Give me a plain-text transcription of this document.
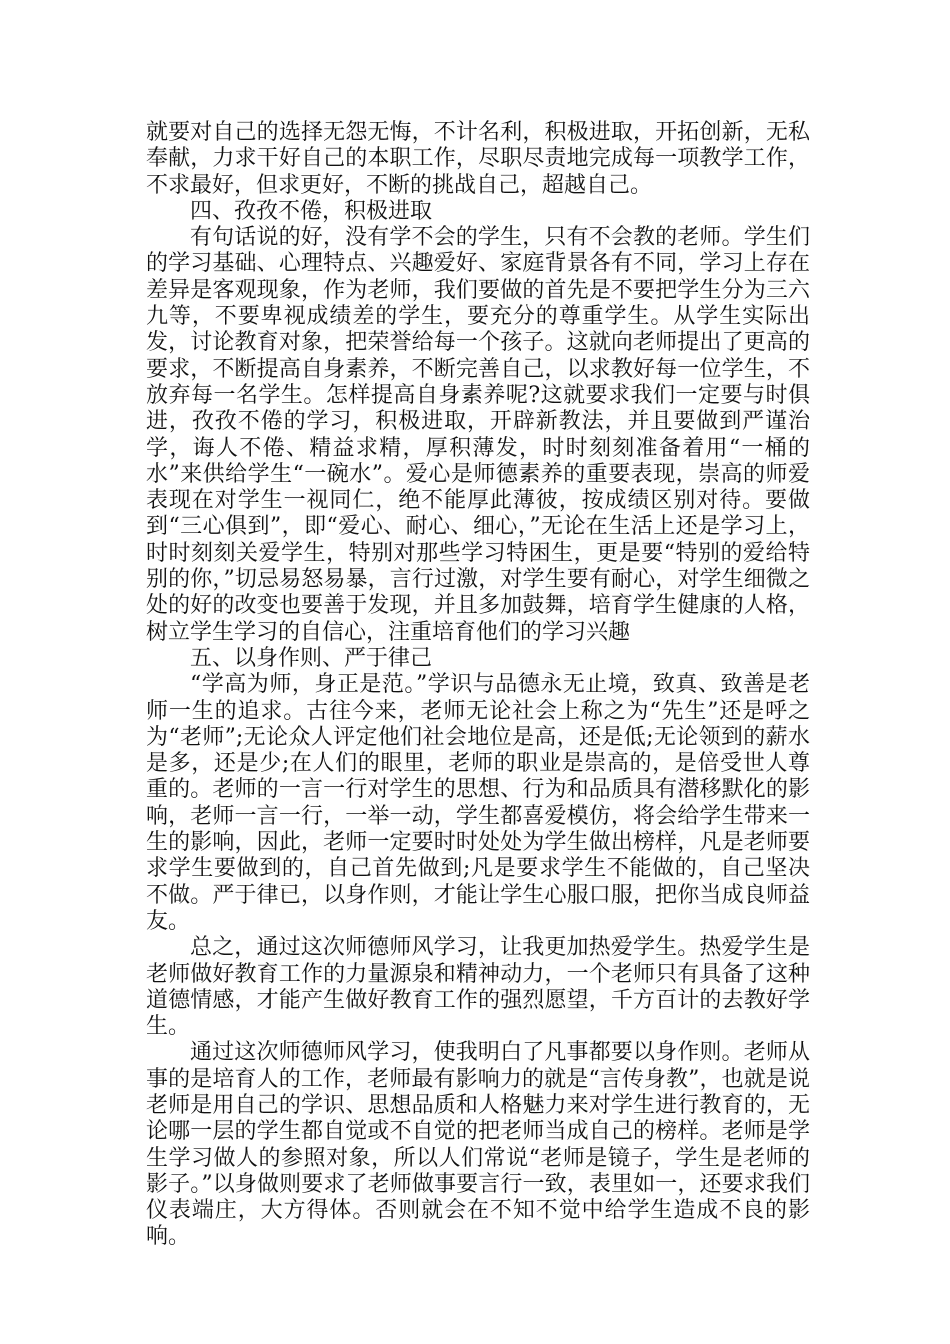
就要对自己的选择无怨无悔，不计名利，积极进取，开拓创新，无私奉献，力求干好自己的本职工作，尽职尽责地完成每一项教学工作，不求最好，但求更好，不断的挑战自己，超越自己。

四、孜孜不倦，积极进取

有句话说的好，没有学不会的学生，只有不会教的老师。学生们的学习基础、心理特点、兴趣爱好、家庭背景各有不同，学习上存在差异是客观现象，作为老师，我们要做的首先是不要把学生分为三六九等，不要卑视成绩差的学生，要充分的尊重学生。从学生实际出发，讨论教育对象，把荣誉给每一个孩子。这就向老师提出了更高的要求，不断提高自身素养，不断完善自己，以求教好每一位学生，不放弃每一名学生。怎样提高自身素养呢?这就要求我们一定要与时俱进，孜孜不倦的学习，积极进取，开辟新教法，并且要做到严谨治学，诲人不倦、精益求精，厚积薄发，时时刻刻准备着用“一桶的水”来供给学生“一碗水”。爱心是师德素养的重要表现，崇高的师爱表现在对学生一视同仁，绝不能厚此薄彼，按成绩区别对待。要做到“三心俱到”，即“爱心、耐心、细心，”无论在生活上还是学习上，时时刻刻关爱学生，特别对那些学习特困生，更是要“特别的爱给特别的你，”切忌易怒易暴，言行过激，对学生要有耐心，对学生细微之处的好的改变也要善于发现，并且多加鼓舞，培育学生健康的人格，树立学生学习的自信心，注重培育他们的学习兴趣

五、以身作则、严于律己

“学高为师，身正是范。”学识与品德永无止境，致真、致善是老师一生的追求。古往今来，老师无论社会上称之为“先生”还是呼之为“老师”;无论众人评定他们社会地位是高，还是低;无论领到的薪水是多，还是少;在人们的眼里，老师的职业是崇高的，是倍受世人尊重的。老师的一言一行对学生的思想、行为和品质具有潜移默化的影响，老师一言一行，一举一动，学生都喜爱模仿，将会给学生带来一生的影响，因此，老师一定要时时处处为学生做出榜样，凡是老师要求学生要做到的，自己首先做到;凡是要求学生不能做的，自己坚决不做。严于律已，以身作则，才能让学生心服口服，把你当成良师益友。

总之，通过这次师德师风学习，让我更加热爱学生。热爱学生是老师做好教育工作的力量源泉和精神动力，一个老师只有具备了这种道德情感，才能产生做好教育工作的强烈愿望，千方百计的去教好学生。

通过这次师德师风学习，使我明白了凡事都要以身作则。老师从事的是培育人的工作，老师最有影响力的就是“言传身教”，也就是说老师是用自己的学识、思想品质和人格魅力来对学生进行教育的，无论哪一层的学生都自觉或不自觉的把老师当成自己的榜样。老师是学生学习做人的参照对象，所以人们常说“老师是镜子，学生是老师的影子。”以身做则要求了老师做事要言行一致，表里如一，还要求我们仪表端庄，大方得体。否则就会在不知不觉中给学生造成不良的影响。
